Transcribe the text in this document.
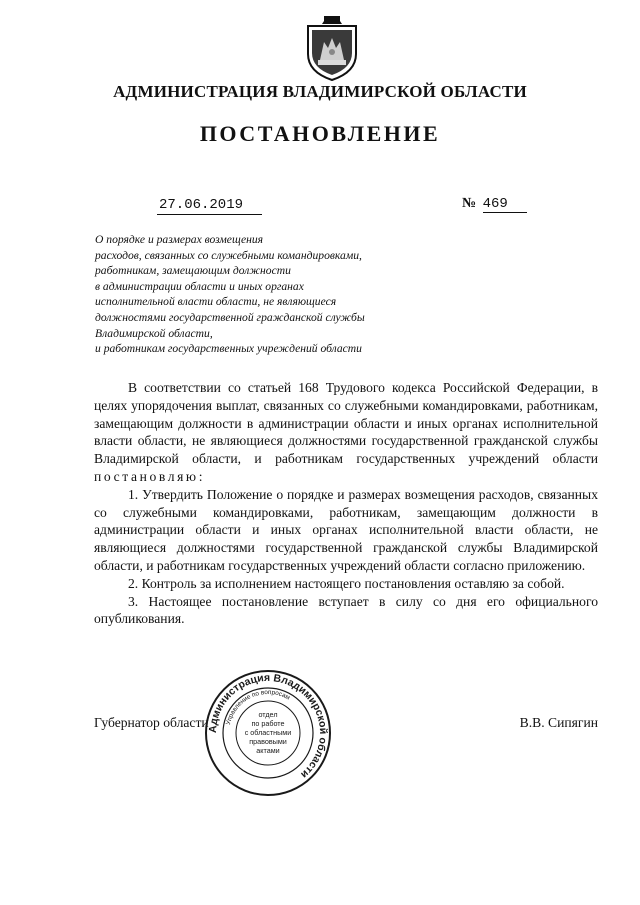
АДМИНИСТРАЦИЯ ВЛАДИМИРСКОЙ ОБЛАСТИ
ПОСТАНОВЛЕНИЕ
27.06.2019	№ 469
О порядке и размерах возмещения
расходов, связанных со служебными командировками,
работникам, замещающим должности
в администрации области и иных органах
исполнительной власти области, не являющиеся
должностями государственной гражданской службы
Владимирской области,
и работникам государственных учреждений области

В соответствии со статьей 168 Трудового кодекса Российской Федерации, в целях упорядочения выплат, связанных со служебными командировками, работникам, замещающим должности в администрации области и иных органах исполнительной власти области, не являющиеся должностями государственной гражданской службы Владимирской области, и работникам государственных учреждений области постановляю:

1. Утвердить Положение о порядке и размерах возмещения расходов, связанных со служебными командировками, работникам, замещающим должности в администрации области и иных органах исполнительной власти области, не являющиеся должностями государственной гражданской службы Владимирской области, и работникам государственных учреждений области согласно приложению.

2. Контроль за исполнением настоящего постановления оставляю за собой.

3. Настоящее постановление вступает в силу со дня его официального опубликования.

Губернатор области	В.В. Сипягин
Администрация Владимирской области
Управление по вопросам
отдел
по работе
с областными
правовыми
актами
